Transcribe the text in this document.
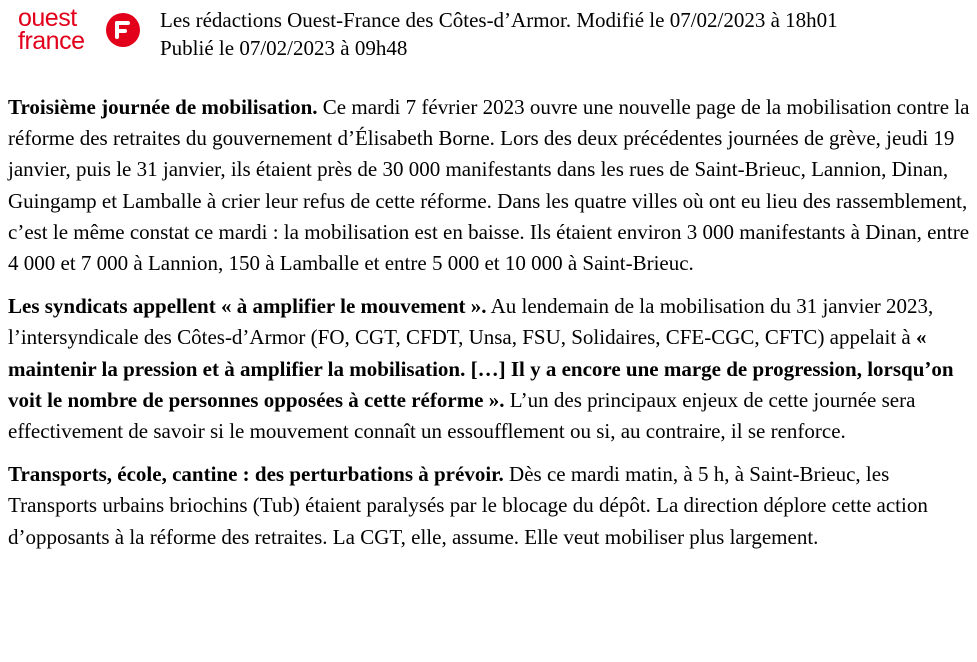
ouest
france
Les rédactions Ouest-France des Côtes-d’Armor. Modifié le 07/02/2023 à 18h01
Publié le 07/02/2023 à 09h48

Troisième journée de mobilisation. Ce mardi 7 février 2023 ouvre une nouvelle page de la mobilisation contre la réforme des retraites du gouvernement d’Élisabeth Borne. Lors des deux précédentes journées de grève, jeudi 19 janvier, puis le 31 janvier, ils étaient près de 30 000 manifestants dans les rues de Saint-Brieuc, Lannion, Dinan, Guingamp et Lamballe à crier leur refus de cette réforme. Dans les quatre villes où ont eu lieu des rassemblement, c’est le même constat ce mardi : la mobilisation est en baisse. Ils étaient environ 3 000 manifestants à Dinan, entre 4 000 et 7 000 à Lannion, 150 à Lamballe et entre 5 000 et 10 000 à Saint-Brieuc.

Les syndicats appellent « à amplifier le mouvement ». Au lendemain de la mobilisation du 31 janvier 2023, l’intersyndicale des Côtes-d’Armor (FO, CGT, CFDT, Unsa, FSU, Solidaires, CFE-CGC, CFTC) appelait à « maintenir la pression et à amplifier la mobilisation. […] Il y a encore une marge de progression, lorsqu’on voit le nombre de personnes opposées à cette réforme ». L’un des principaux enjeux de cette journée sera effectivement de savoir si le mouvement connaît un essoufflement ou si, au contraire, il se renforce.

Transports, école, cantine : des perturbations à prévoir. Dès ce mardi matin, à 5 h, à Saint-Brieuc, les Transports urbains briochins (Tub) étaient paralysés par le blocage du dépôt. La direction déplore cette action d’opposants à la réforme des retraites. La CGT, elle, assume. Elle veut mobiliser plus largement.
